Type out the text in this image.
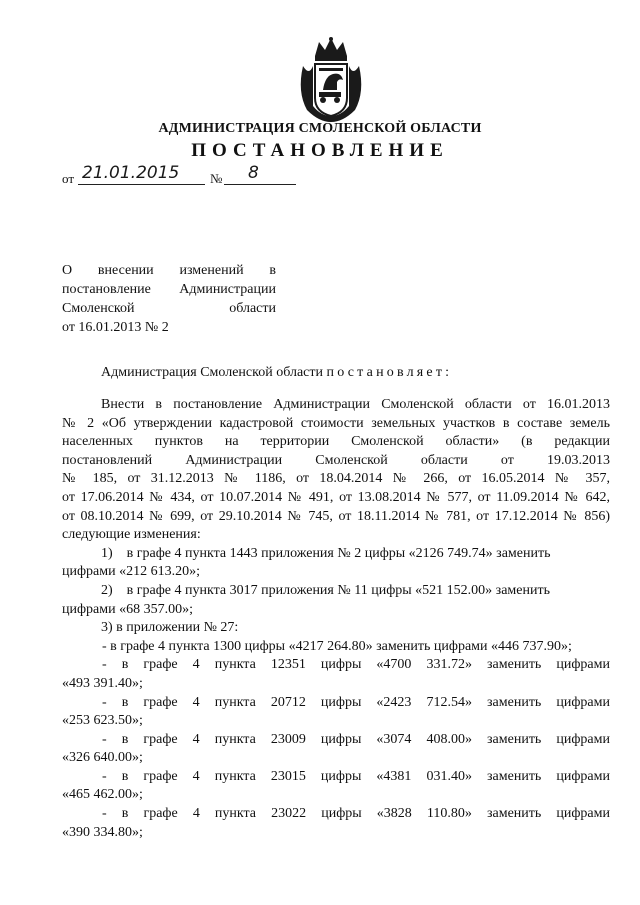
АДМИНИСТРАЦИЯ СМОЛЕНСКОЙ ОБЛАСТИ
ПОСТАНОВЛЕНИЕ
от 21.01.2015 № 8
О внесении изменений в
постановление Администрации
Смоленской области
от 16.01.2013 № 2
Администрация Смоленской области постановляет:
Внести в постановление Администрации Смоленской области от 16.01.2013
№ 2 «Об утверждении кадастровой стоимости земельных участков в составе земель
населенных пунктов на территории Смоленской области» (в редакции
постановлений Администрации Смоленской области от 19.03.2013
№ 185, от 31.12.2013 № 1186, от 18.04.2014 № 266, от 16.05.2014 № 357,
от 17.06.2014 № 434, от 10.07.2014 № 491, от 13.08.2014 № 577, от 11.09.2014 № 642,
от 08.10.2014 № 699, от 29.10.2014 № 745, от 18.11.2014 № 781, от 17.12.2014 № 856)
следующие изменения:
1)    в графе 4 пункта 1443 приложения № 2 цифры «2126 749.74» заменить
цифрами «212 613.20»;
2)    в графе 4 пункта 3017 приложения № 11 цифры «521 152.00» заменить
цифрами «68 357.00»;
3) в приложении № 27:
- в графе 4 пункта 1300 цифры «4217 264.80» заменить цифрами «446 737.90»;
- в графе 4 пункта 12351 цифры «4700 331.72» заменить цифрами
«493 391.40»;
- в графе 4 пункта 20712 цифры «2423 712.54» заменить цифрами
«253 623.50»;
- в графе 4 пункта 23009 цифры «3074 408.00» заменить цифрами
«326 640.00»;
- в графе 4 пункта 23015 цифры «4381 031.40» заменить цифрами
«465 462.00»;
- в графе 4 пункта 23022 цифры «3828 110.80» заменить цифрами
«390 334.80»;
